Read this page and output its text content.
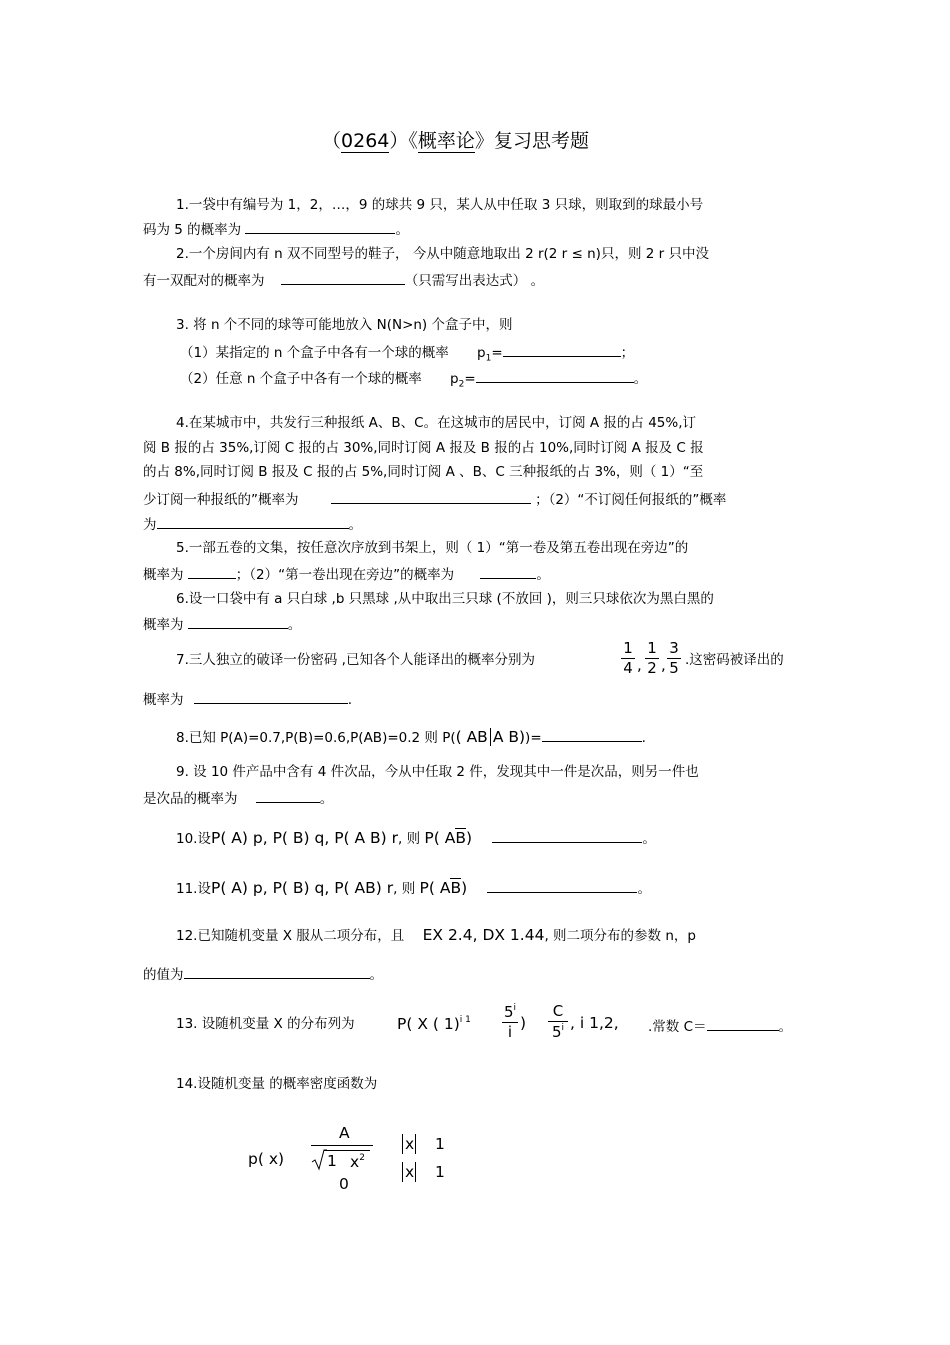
（0264）《概率论》复习思考题
1.一袋中有编号为 1，2，…，9 的球共 9 只，某人从中任取 3 只球，则取到的球最小号
码为 5 的概率为	。
2.一个房间内有 n 双不同型号的鞋子， 今从中随意地取出 2 r(2 r ≤ n)只，则 2 r 只中没
有一双配对的概率为	（只需写出表达式） 。
3. 将 n 个不同的球等可能地放入 N(N>n) 个盒子中，则
（1）某指定的 n 个盒子中各有一个球的概率 $p_1=$	；
（2）任意 n 个盒子中各有一个球的概率 $p_2=$	。
4.在某城市中，共发行三种报纸 A、B、C。在这城市的居民中，订阅 A 报的占 45%,订
阅 B 报的占 35%,订阅 C 报的占 30%,同时订阅 A 报及 B 报的占 10%,同时订阅 A 报及 C 报
的占 8%,同时订阅 B 报及 C 报的占 5%,同时订阅 A 、B、C 三种报纸的占 3%，则（ 1）“至
少订阅一种报纸的”概率为	；（2）“不订阅任何报纸的”概率
为	。
5.一部五卷的文集，按任意次序放到书架上，则（ 1）“第一卷及第五卷出现在旁边”的
概率为	；（2）“第一卷出现在旁边”的概率为	。
6.设一口袋中有 a 只白球 ,b 只黑球 ,从中取出三只球 (不放回 )，则三只球依次为黑白黑的
概率为	。
7.三人独立的破译一份密码 ,已知各个人能译出的概率分别为
1
4 ,
1
2 ,
3
5 .这密码被译出的
概率为	.
8.已知 P(A)=0.7,P(B)=0.6,P(AB)=0.2 则 P(( AB A B))=	.
9. 设 10 件产品中含有 4 件次品，今从中任取 2 件，发现其中一件是次品，则另一件也
是次品的概率为	。
10.设P( A) p, P( B) q, P( A B) r, 则 P( AB)	。
11.设P( A) p, P( B) q, P( AB) r, 则 P( AB)	。
12.已知随机变量 X 服从二项分布，且 EX 2.4, DX 1.44, 则二项分布的参数 n，p
的值为	。
13. 设随机变量 X 的分布列为	P( X ( 1)$^{i 1}$ 5$^i$
i )
C
5$^i$ , i 1,2, .常数 C＝	。
14.设随机变量 的概率密度函数为
p( x)
A
1 $x^2$
0
x 1
x 1
